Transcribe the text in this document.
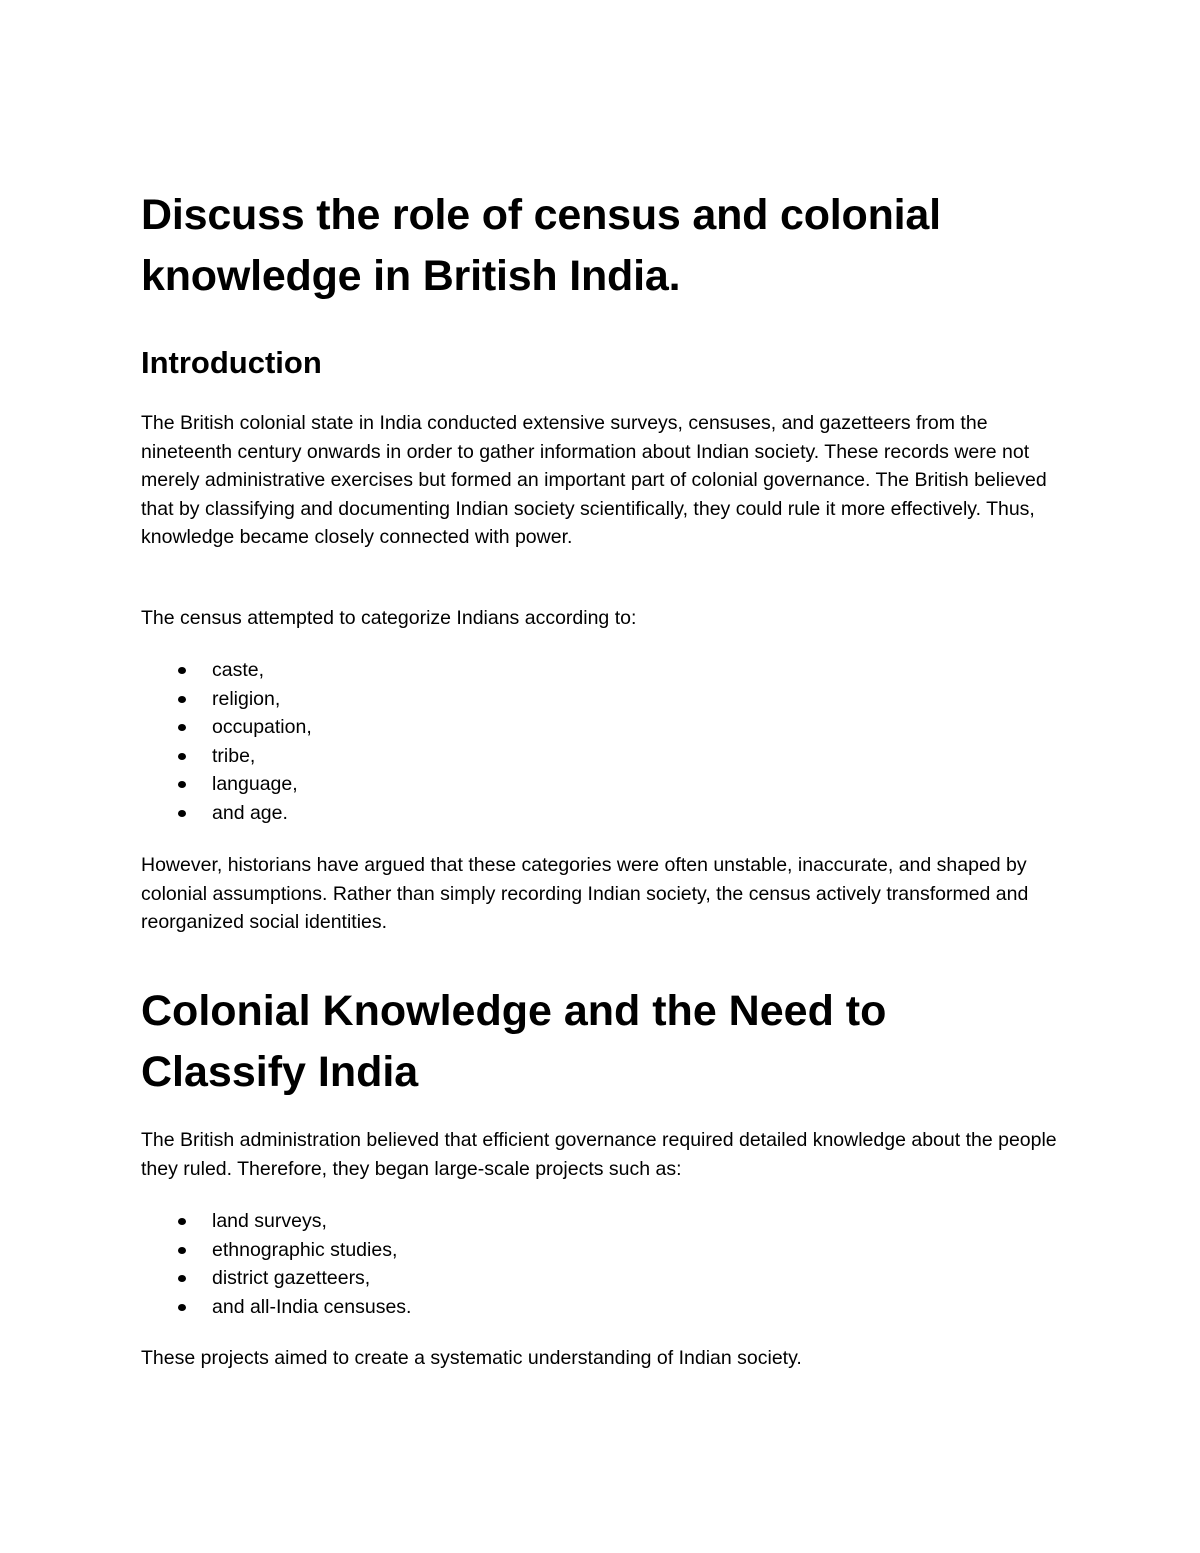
Discuss the role of census and colonial knowledge in British India.
Introduction

The British colonial state in India conducted extensive surveys, censuses, and gazetteers from the nineteenth century onwards in order to gather information about Indian society. These records were not merely administrative exercises but formed an important part of colonial governance. The British believed that by classifying and documenting Indian society scientifically, they could rule it more effectively. Thus, knowledge became closely connected with power.

The census attempted to categorize Indians according to:

caste,
religion,
occupation,
tribe,
language,
and age.

However, historians have argued that these categories were often unstable, inaccurate, and shaped by colonial assumptions. Rather than simply recording Indian society, the census actively transformed and reorganized social identities.

Colonial Knowledge and the Need to Classify India

The British administration believed that efficient governance required detailed knowledge about the people they ruled. Therefore, they began large-scale projects such as:

land surveys,
ethnographic studies,
district gazetteers,
and all-India censuses.

These projects aimed to create a systematic understanding of Indian society.
